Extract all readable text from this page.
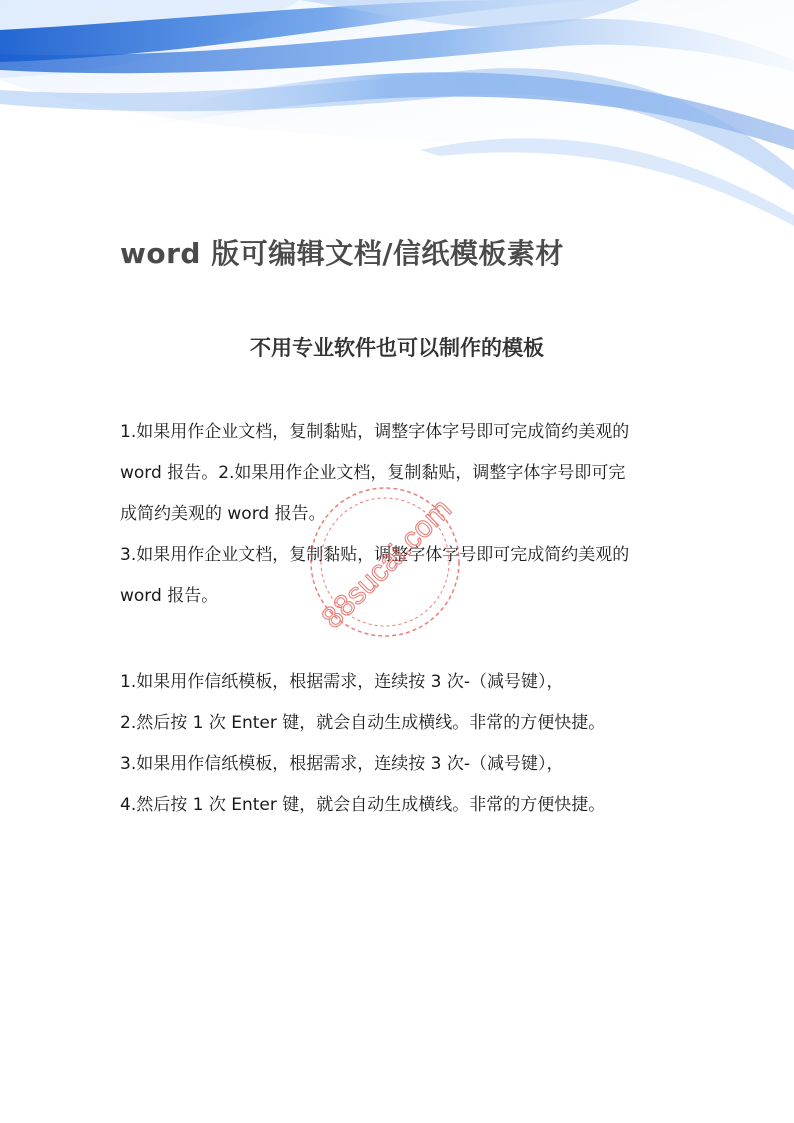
word 版可编辑文档/信纸模板素材
不用专业软件也可以制作的模板

1.如果用作企业文档，复制黏贴，调整字体字号即可完成简约美观的

word 报告。2.如果用作企业文档，复制黏贴，调整字体字号即可完

成简约美观的 word 报告。

3.如果用作企业文档，复制黏贴，调整字体字号即可完成简约美观的

word 报告。

1.如果用作信纸模板，根据需求，连续按 3 次-（减号键），

2.然后按 1 次 Enter 键，就会自动生成横线。非常的方便快捷。

3.如果用作信纸模板，根据需求，连续按 3 次-（减号键），

4.然后按 1 次 Enter 键，就会自动生成横线。非常的方便快捷。

88sucai.com
